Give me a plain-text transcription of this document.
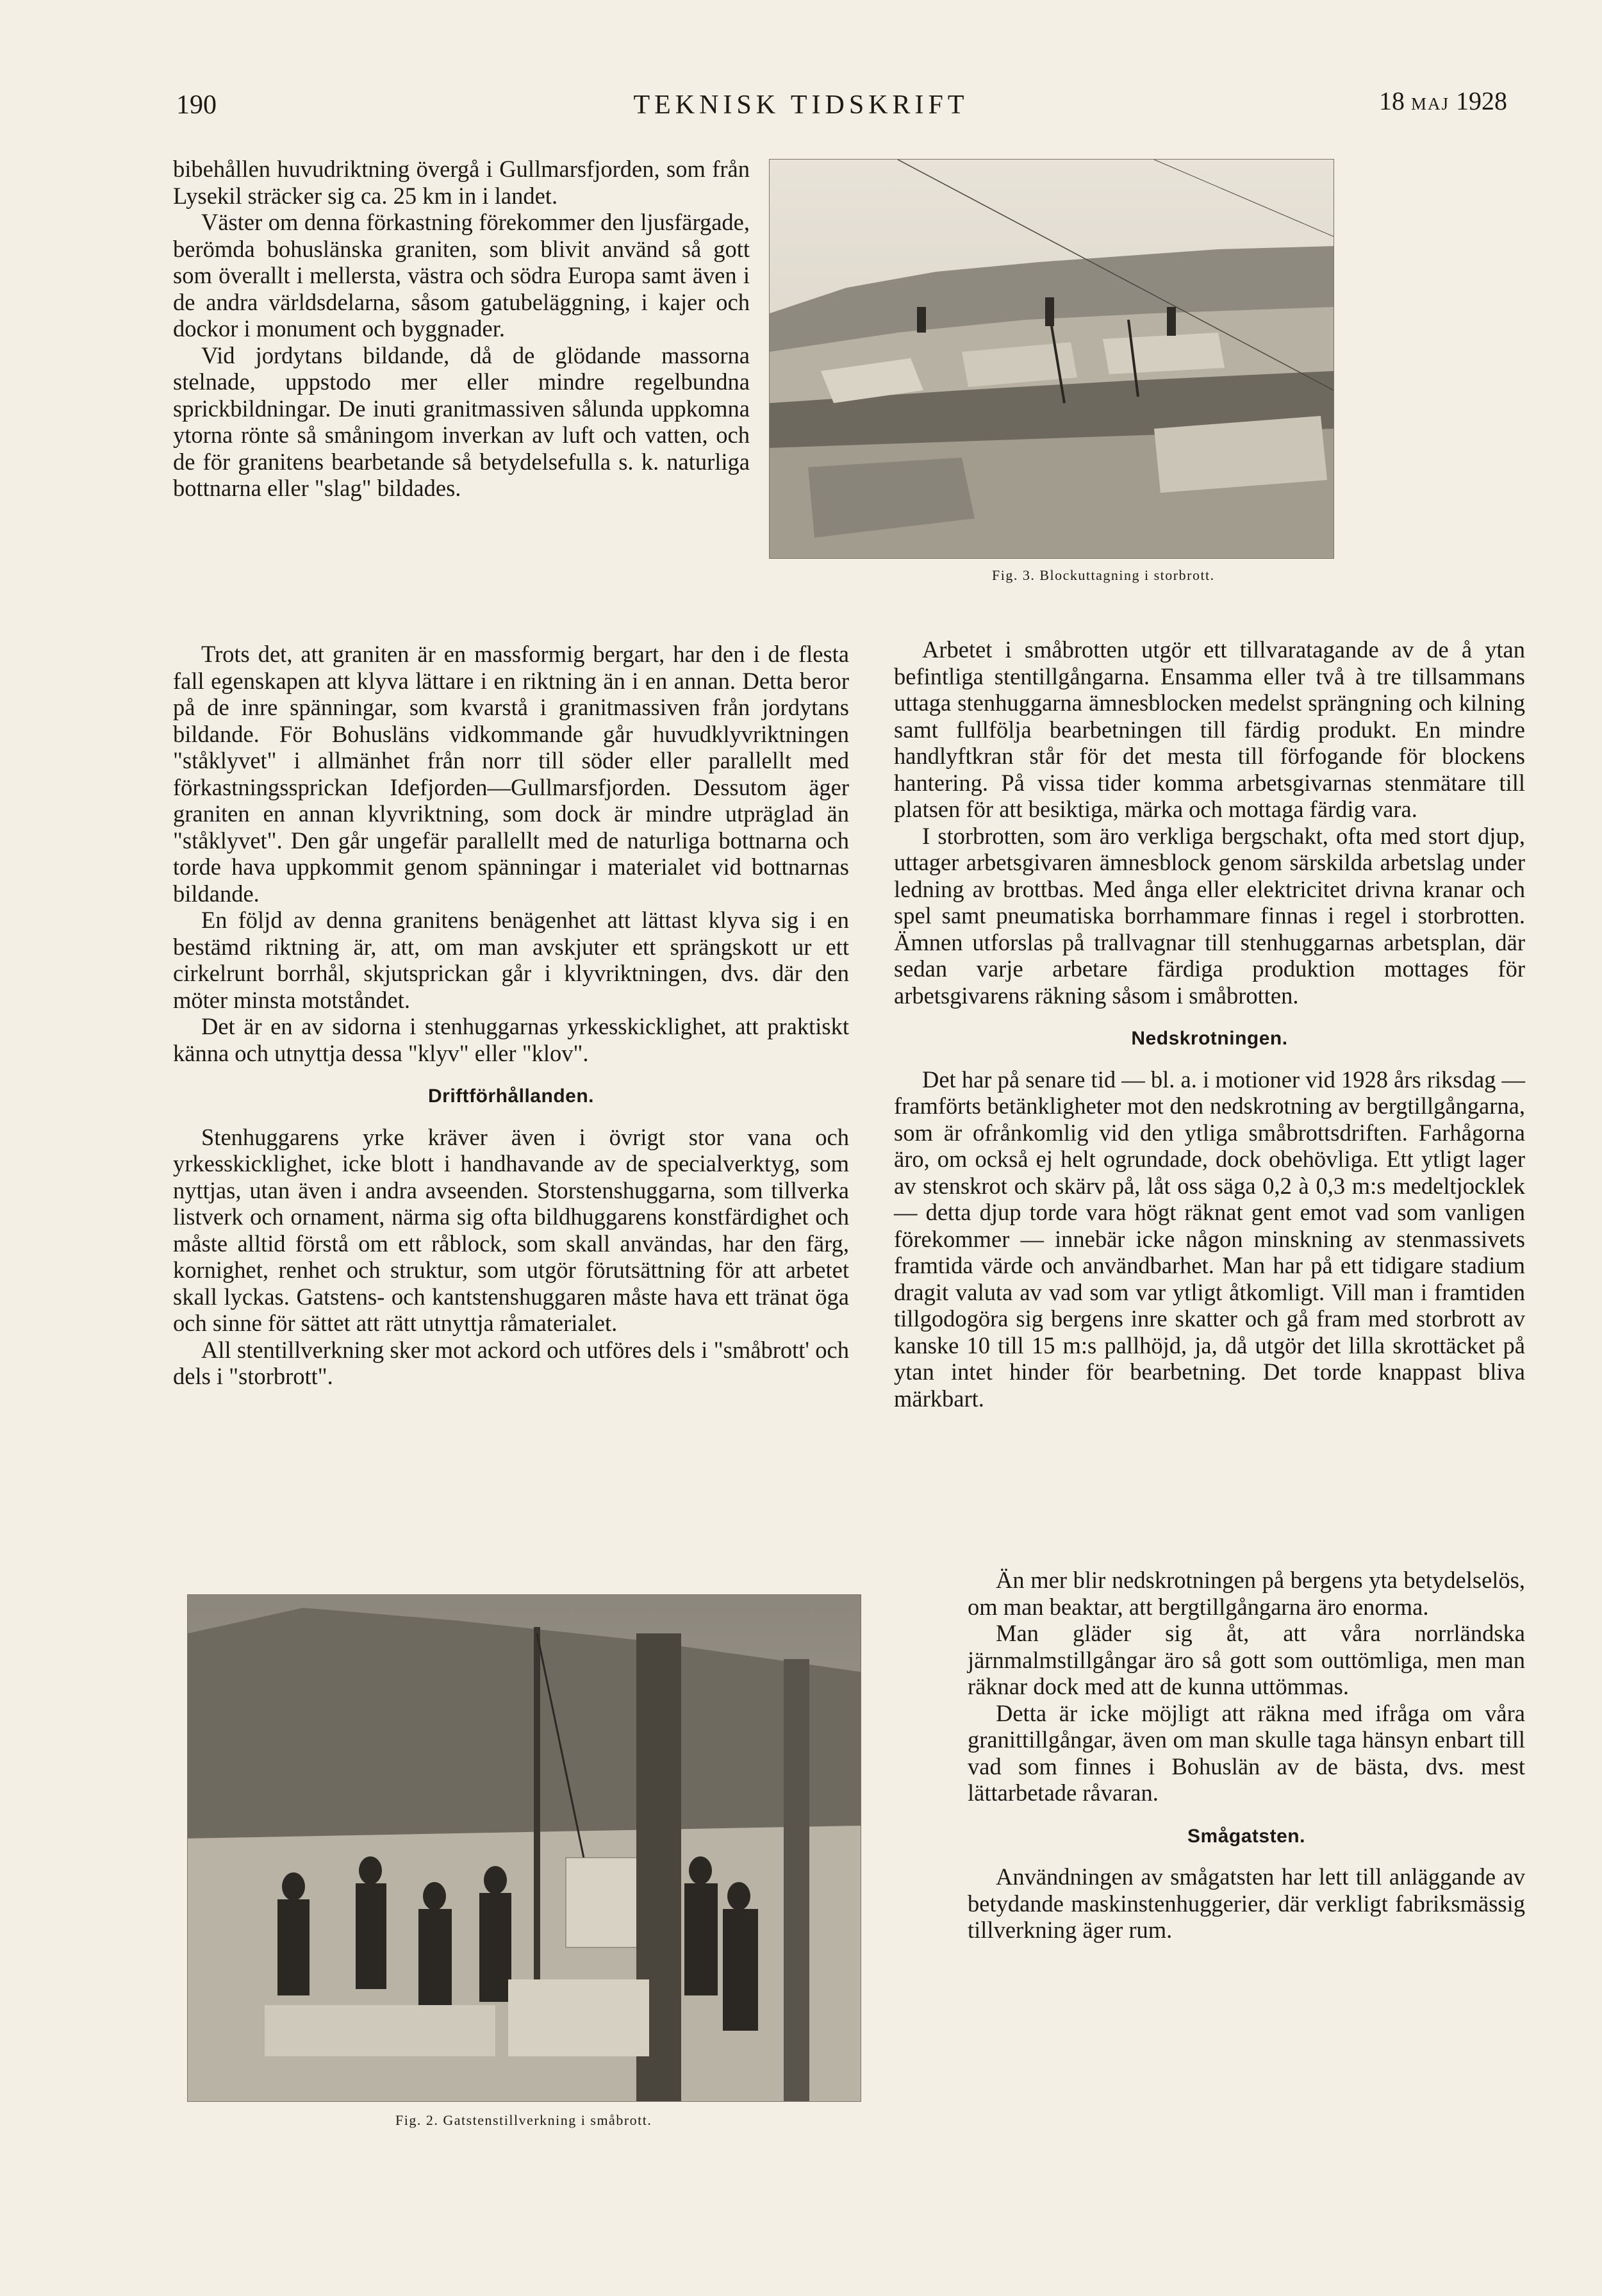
190	TEKNISK TIDSKRIFT	18 MAJ 1928

bibehållen huvudriktning övergå i Gullmarsfjorden, som från Lysekil sträcker sig ca. 25 km in i landet.

Väster om denna förkastning förekommer den ljusfärgade, berömda bohuslänska graniten, som blivit använd så gott som överallt i mellersta, västra och södra Europa samt även i de andra världsdelarna, såsom gatubeläggning, i kajer och dockor i monument och byggnader.

Vid jordytans bildande, då de glödande massorna stelnade, uppstodo mer eller mindre regelbundna sprickbildningar. De inuti granitmassiven sålunda uppkomna ytorna rönte så småningom inverkan av luft och vatten, och de för granitens bearbetande så betydelsefulla s. k. naturliga bottnarna eller "slag" bildades.

Fig. 3. Blockuttagning i storbrott.

Trots det, att graniten är en massformig bergart, har den i de flesta fall egenskapen att klyva lättare i en riktning än i en annan. Detta beror på de inre spänningar, som kvarstå i granitmassiven från jordytans bildande. För Bohusläns vidkommande går huvudklyvriktningen "ståklyvet" i allmänhet från norr till söder eller parallellt med förkastningssprickan Idefjorden—Gullmarsfjorden. Dessutom äger graniten en annan klyvriktning, som dock är mindre utpräglad än "ståklyvet". Den går ungefär parallellt med de naturliga bottnarna och torde hava uppkommit genom spänningar i materialet vid bottnarnas bildande.

En följd av denna granitens benägenhet att lättast klyva sig i en bestämd riktning är, att, om man avskjuter ett sprängskott ur ett cirkelrunt borrhål, skjutsprickan går i klyvriktningen, dvs. där den möter minsta motståndet.

Det är en av sidorna i stenhuggarnas yrkesskicklighet, att praktiskt känna och utnyttja dessa "klyv" eller "klov".

Driftförhållanden.

Stenhuggarens yrke kräver även i övrigt stor vana och yrkesskicklighet, icke blott i handhavande av de specialverktyg, som nyttjas, utan även i andra avseenden. Storstenshuggarna, som tillverka listverk och ornament, närma sig ofta bildhuggarens konstfärdighet och måste alltid förstå om ett råblock, som skall användas, har den färg, kornighet, renhet och struktur, som utgör förutsättning för att arbetet skall lyckas. Gatstens- och kantstenshuggaren måste hava ett tränat öga och sinne för sättet att rätt utnyttja råmaterialet.

All stentillverkning sker mot ackord och utföres dels i "småbrott' och dels i "storbrott".

Arbetet i småbrotten utgör ett tillvaratagande av de å ytan befintliga stentillgångarna. Ensamma eller två à tre tillsammans uttaga stenhuggarna ämnesblocken medelst sprängning och kilning samt fullfölja bearbetningen till färdig produkt. En mindre handlyftkran står för det mesta till förfogande för blockens hantering. På vissa tider komma arbetsgivarnas stenmätare till platsen för att besiktiga, märka och mottaga färdig vara.

I storbrotten, som äro verkliga bergschakt, ofta med stort djup, uttager arbetsgivaren ämnesblock genom särskilda arbetslag under ledning av brottbas. Med ånga eller elektricitet drivna kranar och spel samt pneumatiska borrhammare finnas i regel i storbrotten. Ämnen utforslas på trallvagnar till stenhuggarnas arbetsplan, där sedan varje arbetare färdiga produktion mottages för arbetsgivarens räkning såsom i småbrotten.

Nedskrotningen.

Det har på senare tid — bl. a. i motioner vid 1928 års riksdag — framförts betänkligheter mot den nedskrotning av bergtillgångarna, som är ofrånkomlig vid den ytliga småbrottsdriften. Farhågorna äro, om också ej helt ogrundade, dock obehövliga. Ett ytligt lager av stenskrot och skärv på, låt oss säga 0,2 à 0,3 m:s medeltjocklek — detta djup torde vara högt räknat gent emot vad som vanligen förekommer — innebär icke någon minskning av stenmassivets framtida värde och användbarhet. Man har på ett tidigare stadium dragit valuta av vad som var ytligt åtkomligt. Vill man i framtiden tillgodogöra sig bergens inre skatter och gå fram med storbrott av kanske 10 till 15 m:s pallhöjd, ja, då utgör det lilla skrottäcket på ytan intet hinder för bearbetning. Det torde knappast bliva märkbart.

Fig. 2. Gatstenstillverkning i småbrott.

Än mer blir nedskrotningen på bergens yta betydelselös, om man beaktar, att bergtillgångarna äro enorma.

Man gläder sig åt, att våra norrländska järnmalmstillgångar äro så gott som outtömliga, men man räknar dock med att de kunna uttömmas.

Detta är icke möjligt att räkna med ifråga om våra granittillgångar, även om man skulle taga hänsyn enbart till vad som finnes i Bohuslän av de bästa, dvs. mest lättarbetade råvaran.

Smågatsten.

Användningen av smågatsten har lett till anläggande av betydande maskinstenhuggerier, där verkligt fabriksmässig tillverkning äger rum.
